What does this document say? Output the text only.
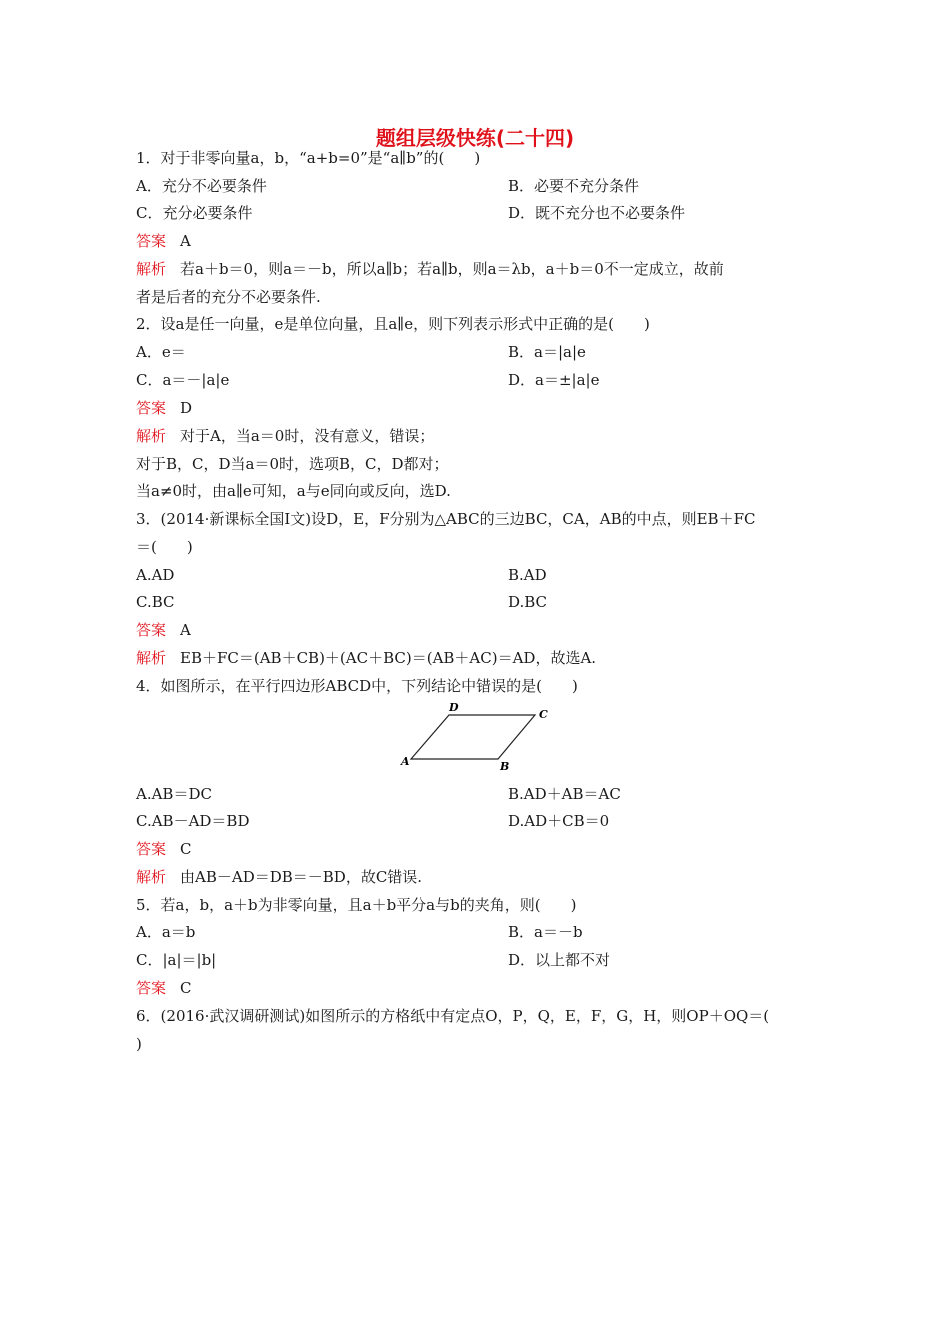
题组层级快练(二十四)
1．对于非零向量a，b，“a+b=0”是“a∥b”的(　　)
A．充分不必要条件	B．必要不充分条件
C．充分必要条件	D．既不充分也不必要条件
答案 A
解析 若a＋b＝0，则a＝－b，所以a∥b；若a∥b，则a＝λb，a＋b＝0不一定成立，故前
者是后者的充分不必要条件.
2．设a是任一向量，e是单位向量，且a∥e，则下列表示形式中正确的是(　　)
A．e＝	B．a＝|a|e
C．a＝－|a|e	D．a＝±|a|e
答案 D
解析 对于A，当a＝0时，没有意义，错误；
对于B，C，D当a＝0时，选项B，C，D都对；
当a≠0时，由a∥e可知，a与e同向或反向，选D.
3．(2014·新课标全国Ⅰ文)设D，E，F分别为△ABC的三边BC，CA，AB的中点，则EB＋FC
＝(　　)
A.AD	B.AD
C.BC	D.BC
答案 A
解析 EB＋FC＝(AB＋CB)＋(AC＋BC)＝(AB＋AC)＝AD，故选A.
4．如图所示，在平行四边形ABCD中，下列结论中错误的是(　　)
A	B
C
D
A.AB＝DC	B.AD＋AB＝AC
C.AB－AD＝BD	D.AD＋CB＝0
答案 C
解析 由AB－AD＝DB＝－BD，故C错误.
5．若a，b，a＋b为非零向量，且a＋b平分a与b的夹角，则(　　)
A．a＝b	B．a＝－b
C．|a|＝|b|	D．以上都不对
答案 C
6．(2016·武汉调研测试)如图所示的方格纸中有定点O，P，Q，E，F，G，H，则OP＋OQ＝(
)
